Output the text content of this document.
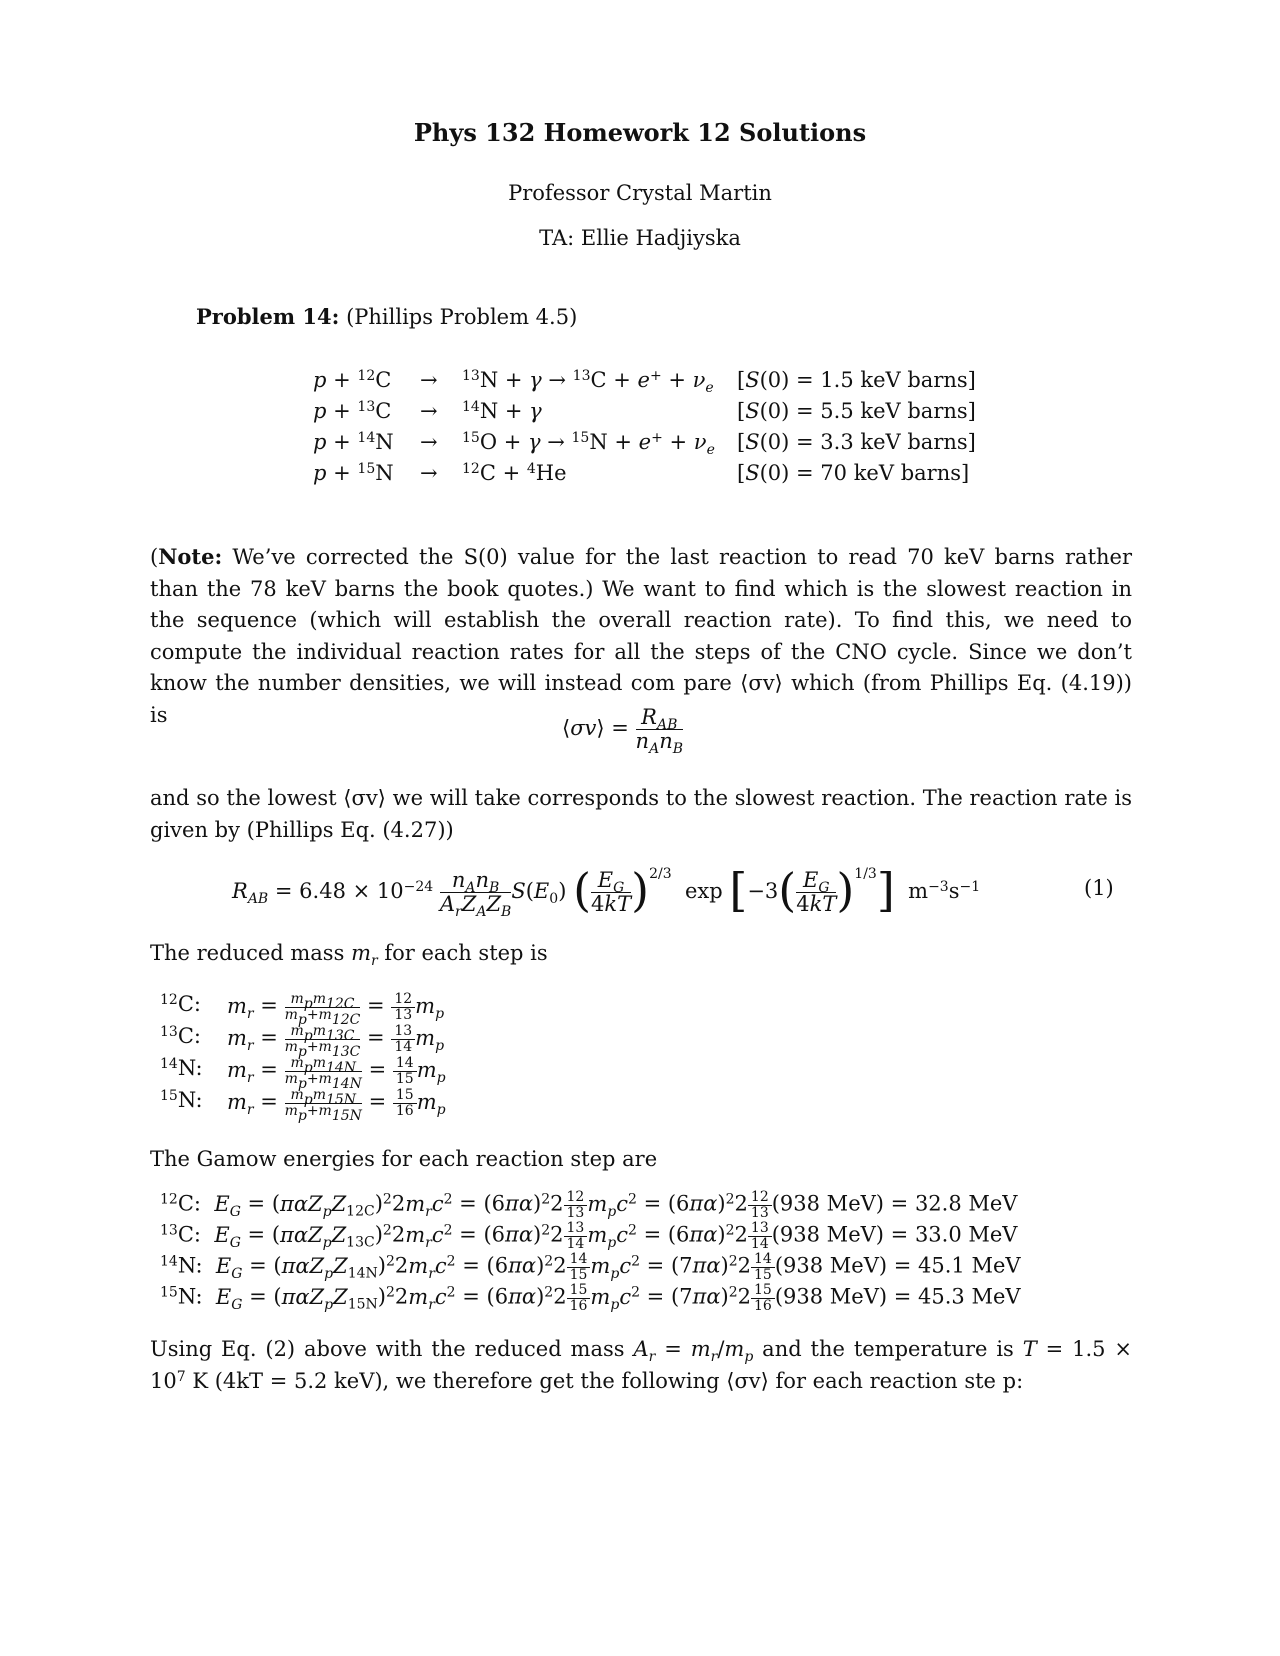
Phys 132 Homework 12 Solutions
Professor Crystal Martin
TA: Ellie Hadjiyska
Problem 14: (Phillips Problem 4.5)
$p + ^{12}C \to ^{13}N + \gamma \to ^{13}C + e^+ + \nu_e$ [S(0) = 1.5 keV barns]
p + $^{13}$C → $^{14}$N + γ	[S(0) = 5.5 keV barns]
$p + ^{14}N \to ^{15}O + \gamma \to ^{15}N + e^+ + \nu_e$ [S(0) = 3.3 keV barns]
p + $^{15}$N → $^{12}$C + $^4$He	[S(0) = 70 keV barns]
(Note: We’ve corrected the S(0) value for the last reaction to read 70 keV barns rather than the 78 keV barns the book quotes.) We want to find which is the slowest reaction in the sequence (which will establish the overall reaction rate). To find this, we need to compute the individual reaction rates for all the steps of the CNO cycle. Since we don’t know the number densities, we will instead com pare ⟨σv⟩ which (from Phillips Eq. (4.19)) is
⟨σv⟩ = $\frac{R_{AB}}{n_An_B}$
and so the lowest ⟨σv⟩ we will take corresponds to the slowest reaction. The reaction rate is given by (Phillips Eq. (4.27))
$R_{AB} = 6.48 \times 10^{-24} \frac{n_An_B}{A_rZ_AZ_B} S(E_0)$ ( $\frac{E_G}{4kT} )^{2/3}$  $\exp [-3( \frac{E_G}{4kT} )^{1/3}]$ $m^{-3}s^{-1}$	(1)
The reduced mass $m_r$ for each step is
$^{12}$C: $m_r = \frac{m_pm_{12C}}{m_p+m_{12C}} = \frac{12}{13} m_p$
$^{13}$C: $m_r = \frac{m_pm_{13C}}{m_p+m_{13C}} = \frac{13}{14} m_p$
$^{14}$N: $m_r = \frac{m_pm_{14N}}{m_p+m_{14N}} = \frac{14}{15} m_p$
$^{15}$N: $m_r = \frac{m_pm_{15N}}{m_p+m_{15N}} = \frac{15}{16} m_p$
The Gamow energies for each reaction step are
$^{12}$C: $E_G = (\pi\alpha Z_pZ_{12C})^22m_rc^2 = (6\pi\alpha)^22 \frac{12}{13} m_pc^2 = (6\pi\alpha)^22 \frac{12}{13} (938$ MeV) = 32.8 MeV
$^{13}$C: $E_G = (\pi\alpha Z_pZ_{13C})^22m_rc^2 = (6\pi\alpha)^22 \frac{13}{14} m_pc^2 = (6\pi\alpha)^22 \frac{13}{14} (938$ MeV) = 33.0 MeV
$^{14}$N: $E_G = (\pi\alpha Z_pZ_{14N})^22m_rc^2 = (6\pi\alpha)^22 \frac{14}{15} m_pc^2 = (7\pi\alpha)^22 \frac{14}{15} (938$ MeV) = 45.1 MeV
$^{15}$N: $E_G = (\pi\alpha Z_pZ_{15N})^22m_rc^2 = (6\pi\alpha)^22 \frac{15}{16} m_pc^2 = (7\pi\alpha)^22 \frac{15}{16} (938$ MeV) = 45.3 MeV
Using Eq. (2) above with the reduced mass $A_r = m_r/m_p$ and the temperature is $T = 1.5 \times 10^7$ K (4kT = 5.2 keV), we therefore get the following ⟨σv⟩ for each reaction ste p:
